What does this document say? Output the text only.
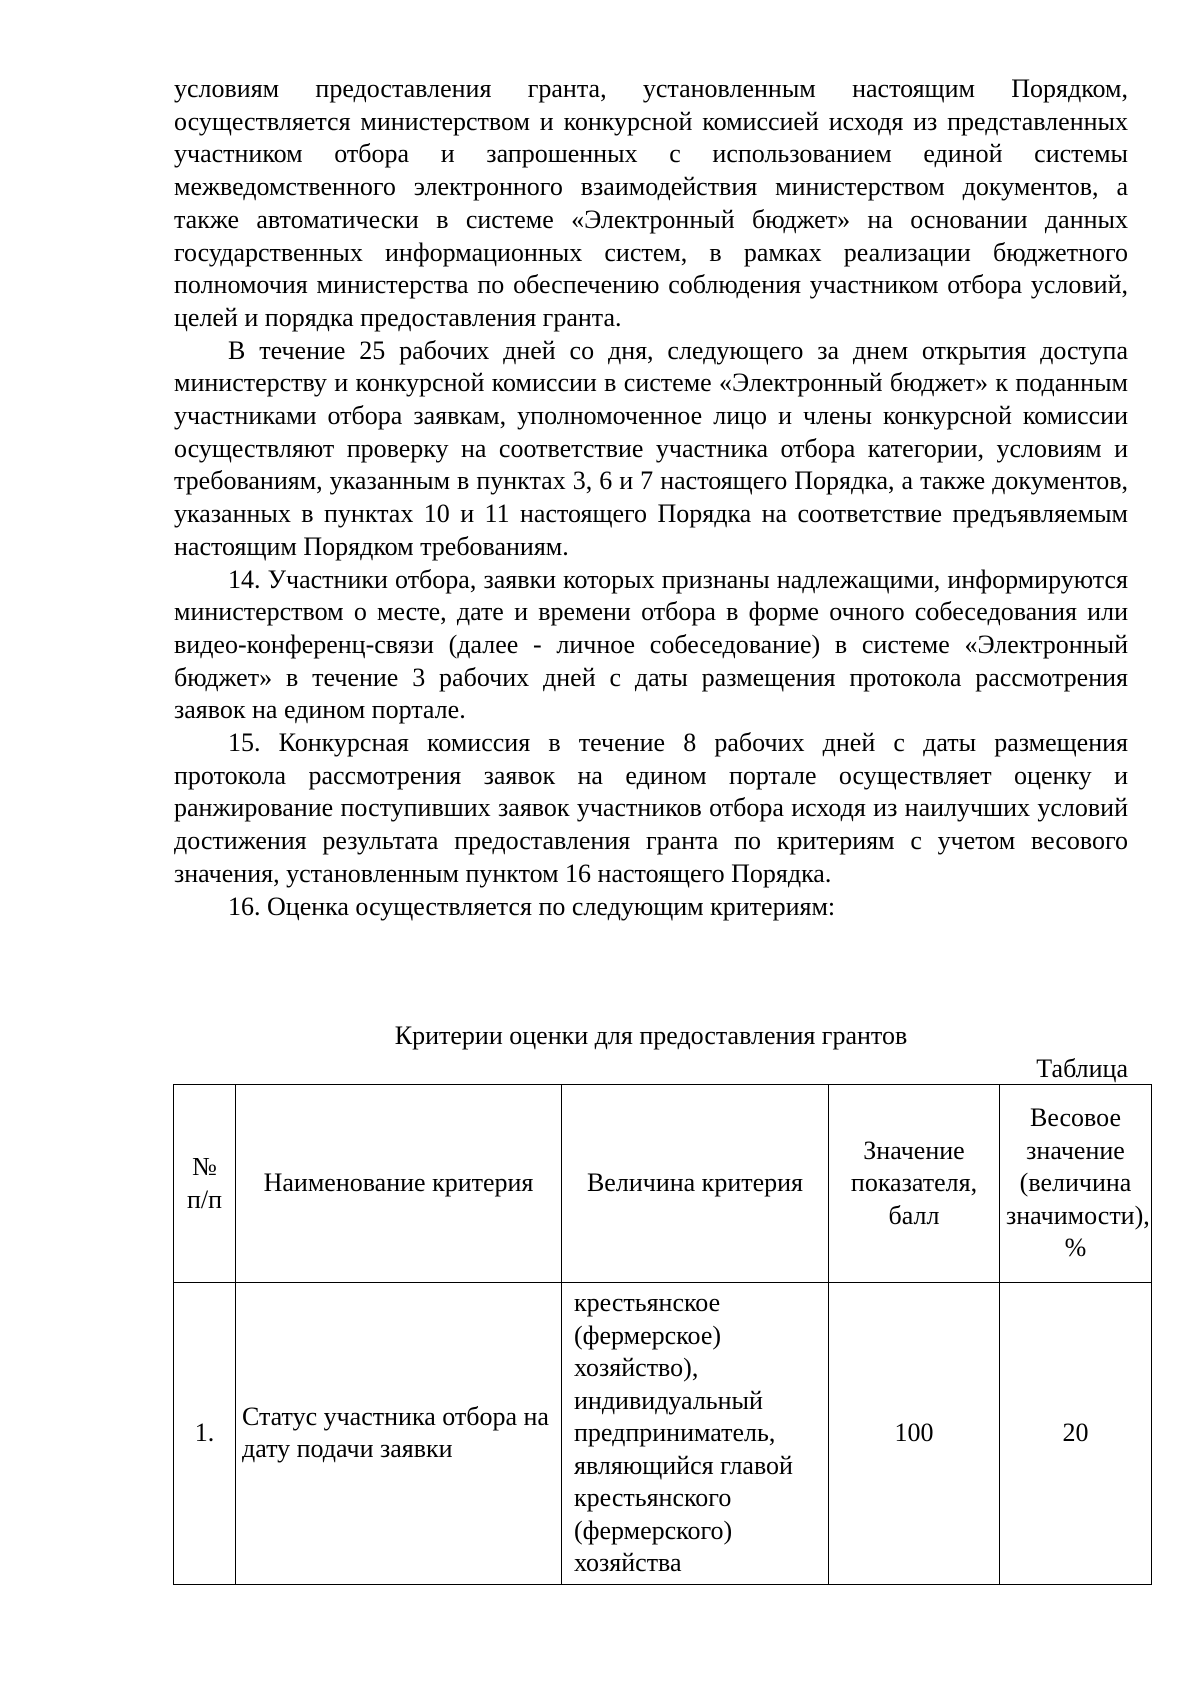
условиям предоставления гранта, установленным настоящим Порядком, осуществляется министерством и конкурсной комиссией исходя из представленных участником отбора и запрошенных с использованием единой системы межведомственного электронного взаимодействия министерством документов, а также автоматически в системе «Электронный бюджет» на основании данных государственных информационных систем, в рамках реализации бюджетного полномочия министерства по обеспечению соблюдения участником отбора условий, целей и порядка предоставления гранта.

В течение 25 рабочих дней со дня, следующего за днем открытия доступа министерству и конкурсной комиссии в системе «Электронный бюджет» к поданным участниками отбора заявкам, уполномоченное лицо и члены конкурсной комиссии осуществляют проверку на соответствие участника отбора категории, условиям и требованиям, указанным в пунктах 3, 6 и 7 настоящего Порядка, а также документов, указанных в пунктах 10 и 11 настоящего Порядка на соответствие предъявляемым настоящим Порядком требованиям.

14. Участники отбора, заявки которых признаны надлежащими, информируются министерством о месте, дате и времени отбора в форме очного собеседования или видео-конференц-связи (далее - личное собеседование) в системе «Электронный бюджет» в течение 3 рабочих дней с даты размещения протокола рассмотрения заявок на едином портале.

15. Конкурсная комиссия в течение 8 рабочих дней с даты размещения протокола рассмотрения заявок на едином портале осуществляет оценку и ранжирование поступивших заявок участников отбора исходя из наилучших условий достижения результата предоставления гранта по критериям с учетом весового значения, установленным пунктом 16 настоящего Порядка.

16. Оценка осуществляется по следующим критериям:

Критерии оценки для предоставления грантов
Таблица
№ п/п	Наименование критерия	Величина критерия	Значение показателя, балл	Весовое значение (величина значимости), %
1.	Статус участника отбора на дату подачи заявки	крестьянское (фермерское) хозяйство), индивидуальный предприниматель, являющийся главой крестьянского (фермерского) хозяйства	100	20
